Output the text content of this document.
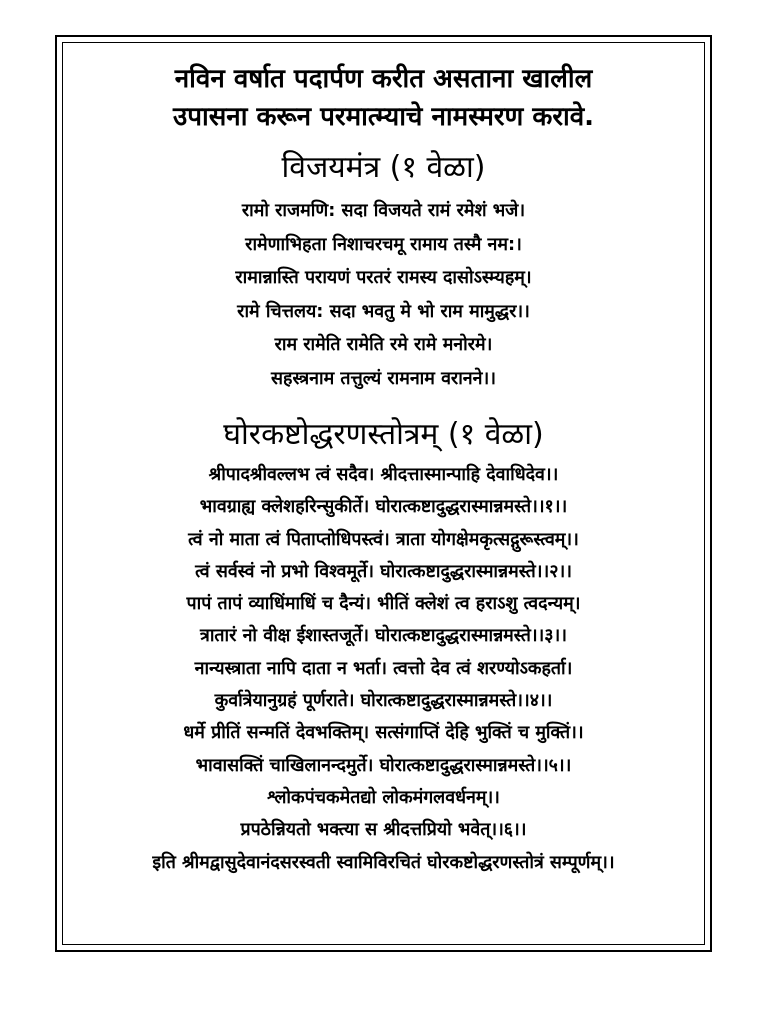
नविन वर्षात पदार्पण करीत असताना खालील

उपासना करून परमात्म्याचे नामस्मरण करावे.

विजयमंत्र (१ वेळा)

रामो राजमणि: सदा विजयते रामं रमेशं भजे।

रामेणाभिहता निशाचरचमू रामाय तस्मै नम:।

रामान्नास्ति परायणं परतरं रामस्य दासोऽस्म्यहम्।

रामे चित्तलय: सदा भवतु मे भो राम मामुद्धर।।

राम रामेति रामेति रमे रामे मनोरमे।

सहस्त्रनाम तत्तुल्यं रामनाम वरानने।।

घोरकष्टोद्धरणस्तोत्रम् (१ वेळा)

श्रीपादश्रीवल्लभ त्वं सदैव। श्रीदत्तास्मान्पाहि देवाधिदेव।।

भावग्राह्य क्लेशहरिन्सुकीर्ते। घोरात्कष्टादुद्धरास्मान्नमस्ते।।१।।

त्वं नो माता त्वं पिताप्तोधिपस्त्वं। त्राता योगक्षेमकृत्सद्गुरूस्त्वम्।।

त्वं सर्वस्वं नो प्रभो विश्वमूर्ते। घोरात्कष्टादुद्धरास्मान्नमस्ते।।२।।

पापं तापं व्याधिंमाधिं च दैन्यं। भीतिं क्लेशं त्व हराऽशु त्वदन्यम्।

त्रातारं नो वीक्ष ईशास्तजूर्ते। घोरात्कष्टादुद्धरास्मान्नमस्ते।।३।।

नान्यस्त्राता नापि दाता न भर्ता। त्वत्तो देव त्वं शरण्योऽकहर्ता।

कुर्वात्रेयानुग्रहं पूर्णराते। घोरात्कष्टादुद्धरास्मान्नमस्ते।।४।।

धर्मे प्रीतिं सन्मतिं देवभक्तिम्। सत्संगाप्तिं देहि भुक्तिं च मुक्तिं।।

भावासक्तिं चाखिलानन्दमुर्ते। घोरात्कष्टादुद्धरास्मान्नमस्ते।।५।।

श्लोकपंचकमेतद्यो लोकमंगलवर्धनम्।।

प्रपठेन्नियतो भक्त्या स श्रीदत्तप्रियो भवेत्।।६।।

इति श्रीमद्वासुदेवानंदसरस्वती स्वामिविरचितं घोरकष्टोद्धरणस्तोत्रं सम्पूर्णम्।।
